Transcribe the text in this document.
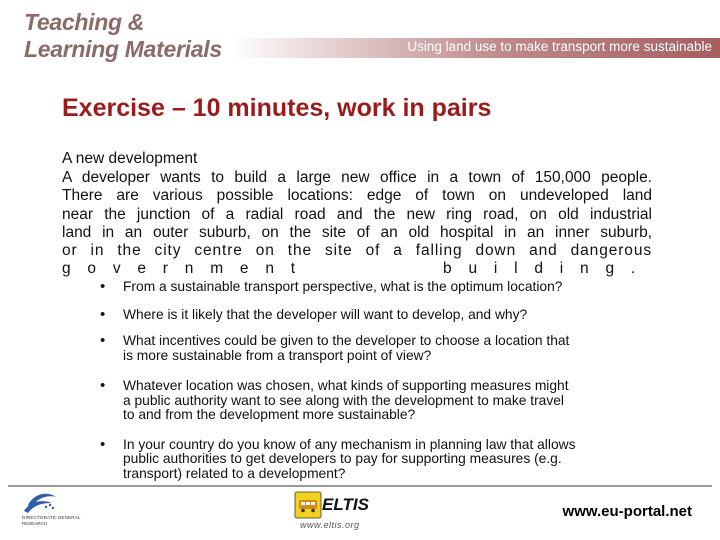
Teaching &
Learning Materials	Using land use to make transport more sustainable
Exercise – 10 minutes, work in pairs
A new development
A developer wants to build a large new office in a town of 150,000 people.
There are various possible locations: edge of town on undeveloped land
near the junction of a radial road and the new ring road, on old industrial
land in an outer suburb, on the site of an old hospital in an inner suburb,
or in the city centre on the site of a falling down and dangerous
government building.
• From a sustainable transport perspective, what is the optimum location?
• Where is it likely that the developer will want to develop, and why?
• What incentives could be given to the developer to choose a location that
is more sustainable from a transport point of view?
• Whatever location was chosen, what kinds of supporting measures might
a public authority want to see along with the development to make travel
to and from the development more sustainable?
• In your country do you know of any mechanism in planning law that allows
public authorities to get developers to pay for supporting measures (e.g.
transport) related to a development?
DIRECTORATE-GENERAL
RESEARCH
ELTIS
www.eltis.org
www.eu-portal.net
